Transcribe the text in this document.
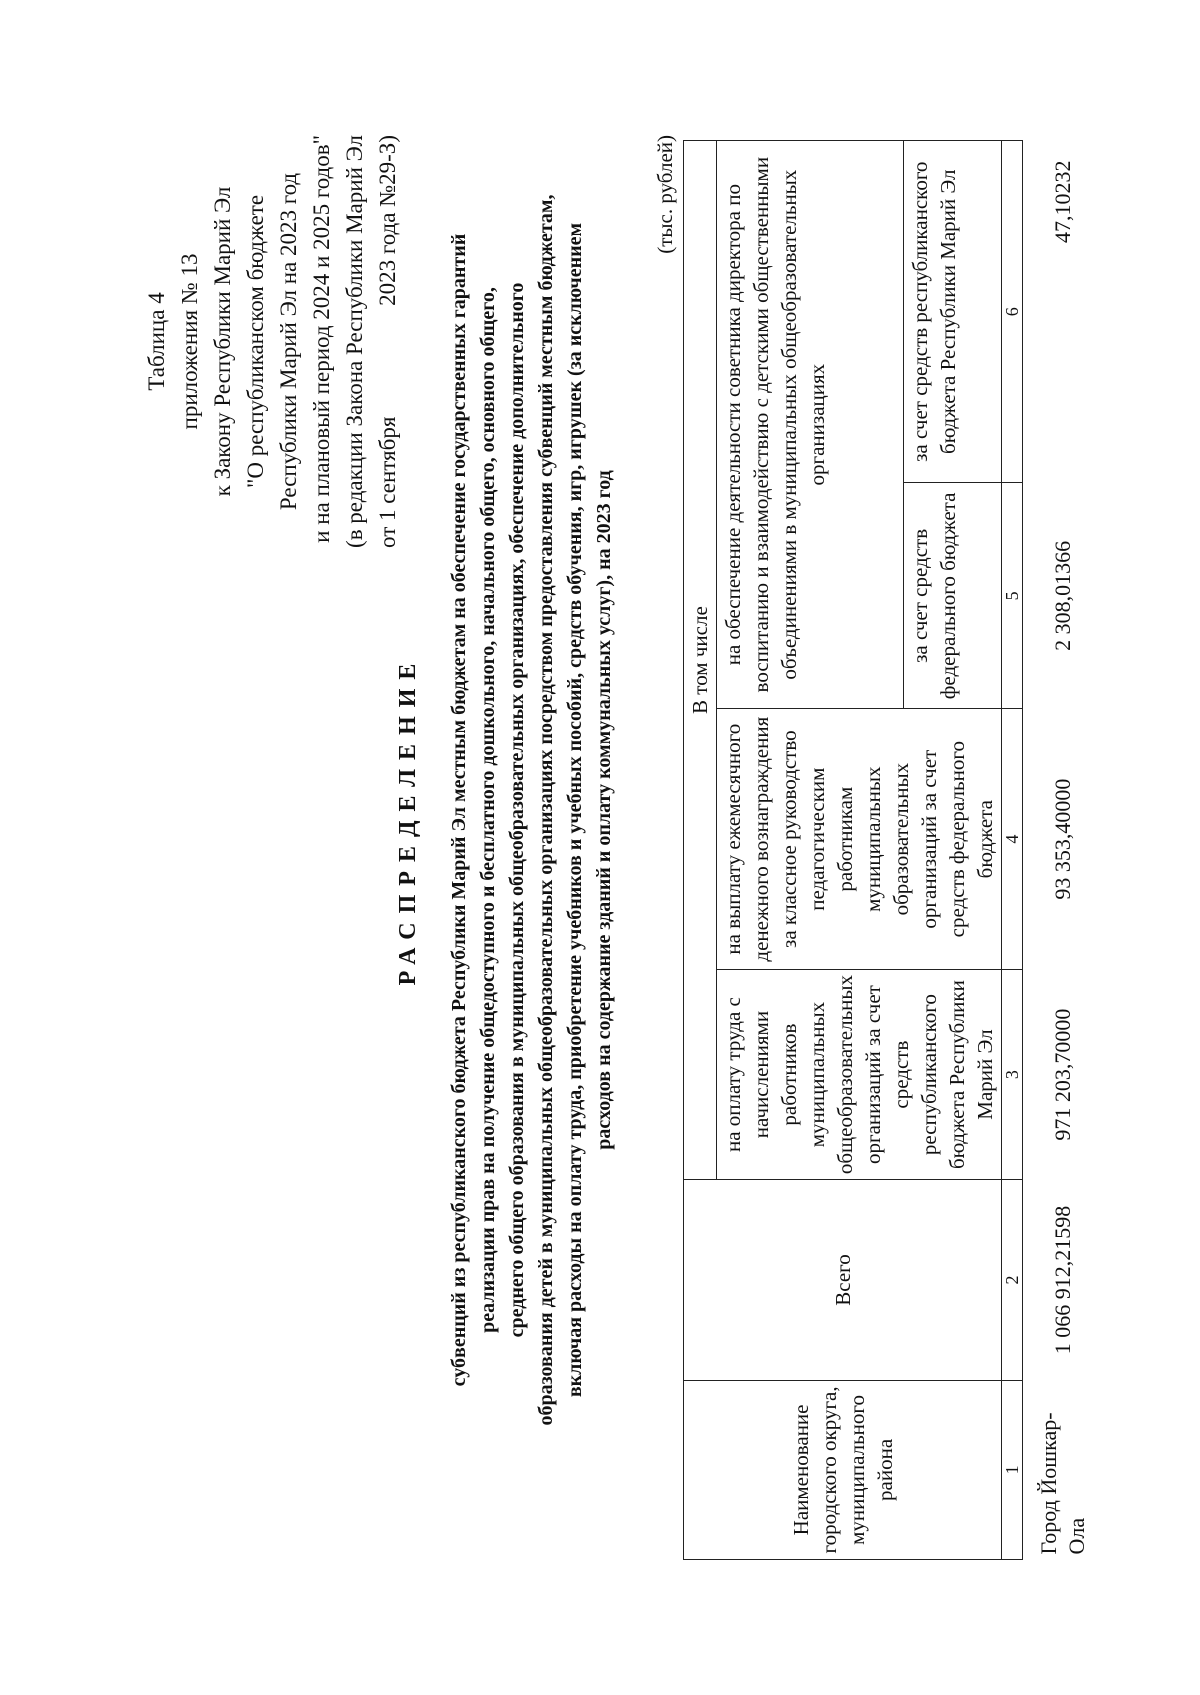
Таблица 4 приложения № 13 к Закону Республики Марий Эл "О республиканском бюджете Республики Марий Эл на 2023 год и на плановый период 2024 и 2025 годов" (в редакции Закона Республики Марий Эл от 1 сентября
2023 года №29-З)
РАСПРЕДЕЛЕНИЕ субвенций из республиканского бюджета Республики Марий Эл местным бюджетам на обеспечение государственных гарантий реализации прав на получение общедоступного и бесплатного дошкольного, начального общего, основного общего, среднего общего образования в муниципальных общеобразовательных организациях, обеспечение дополнительного образования детей в муниципальных общеобразовательных организациях посредством предоставления субвенций местным бюджетам, включая расходы на оплату труда, приобретение учебников и учебных пособий, средств обучения, игр, игрушек (за исключением расходов на содержание зданий и оплату коммунальных услуг), на 2023 год
(тыс. рублей)
Наименование городского округа, муниципального района	Всего	В том числе			
		на оплату труда с начислениями работников муниципальных общеобразовательных организаций за счет средств республиканского бюджета Республики Марий Эл	на выплату ежемесячного денежного вознаграждения за классное руководство педагогическим работникам муниципальных образовательных организаций за счет средств федерального бюджета	на обеспечение деятельности советника директора по воспитанию и взаимодействию с детскими общественными объединениями в муниципальных общеобразовательных организациях	
				за счет средств федерального бюджета	за счет средств республиканского бюджета Республики Марий Эл
1	2	3	4	5	6
Город Йошкар-Ола	1 066 912,21598	971 203,70000	93 353,40000	2 308,01366	47,10232
